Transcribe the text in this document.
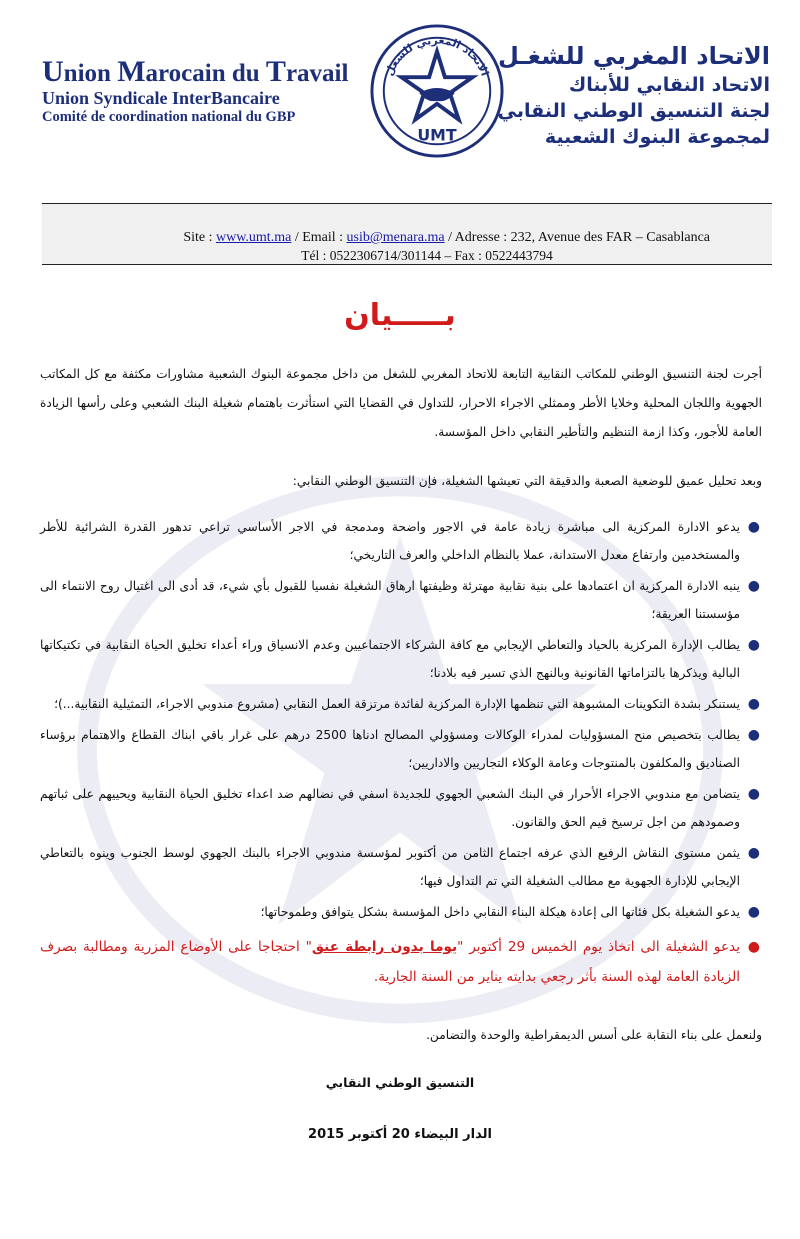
Union Marocain du Travail
Union Syndicale InterBancaire
Comité de coordination national du GBP
الاتحاد المغربي للشغل
UMT
الاتحاد المغربي للشغـل
الاتحاد النقابي للأبناك
لجنة التنسيق الوطني النقابي
لمجموعة البنوك الشعبية
Site : www.umt.ma / Email : usib@menara.ma / Adresse : 232, Avenue des FAR – Casablanca
Tél : 0522306714/301144 – Fax : 0522443794
بـــــيان
أجرت لجنة التنسيق الوطني للمكاتب النقابية التابعة للاتحاد المغربي للشغل من داخل مجموعة البنوك الشعبية مشاورات مكثفة مع كل المكاتب الجهوية واللجان المحلية وخلايا الأطر وممثلي الاجراء الاحرار، للتداول في القضايا التي استأثرت باهتمام شغيلة البنك الشعبي وعلى رأسها الزيادة العامة للأجور، وكذا ازمة التنظيم والتأطير النقابي داخل المؤسسة.
وبعد تحليل عميق للوضعية الصعبة والدقيقة التي تعيشها الشغيلة، فإن التنسيق الوطني النقابي:
●
يدعو الادارة المركزية الى مباشرة زيادة عامة في الاجور واضحة ومدمجة في الاجر الأساسي تراعي تدهور القدرة الشرائية للأطر والمستخدمين وارتفاع معدل الاستدانة، عملا بالنظام الداخلي والعرف التاريخي؛
●
ينبه الادارة المركزية ان اعتمادها على بنية نقابية مهترئة وظيفتها ارهاق الشغيلة نفسيا للقبول بأي شيء، قد أدى الى اغتيال روح الانتماء الى مؤسستنا العريقة؛
●
يطالب الإدارة المركزية بالحياد والتعاطي الإيجابي مع كافة الشركاء الاجتماعيين وعدم الانسياق وراء أعداء تخليق الحياة النقابية في تكتيكاتها البالية ويذكرها بالتزاماتها القانونية وبالنهج الذي تسير فيه بلادنا؛
●
يستنكر بشدة التكوينات المشبوهة التي تنظمها الإدارة المركزية لفائدة مرتزقة العمل النقابي (مشروع مندوبي الاجراء، التمثيلية النقابية...)؛
●
يطالب بتخصيص منح المسؤوليات لمدراء الوكالات ومسؤولي المصالح ادناها 2500 درهم على غرار باقي ابناك القطاع والاهتمام برؤساء الصناديق والمكلفون بالمنتوجات وعامة الوكلاء التجاريين والاداريين؛
●
يتضامن مع مندوبي الاجراء الأحرار في البنك الشعبي الجهوي للجديدة اسفي في نضالهم ضد اعداء تخليق الحياة النقابية ويحييهم على ثباتهم وصمودهم من اجل ترسيخ قيم الحق والقانون.
●
يثمن مستوى النقاش الرفيع الذي عرفه اجتماع الثامن من أكتوبر لمؤسسة مندوبي الاجراء بالبنك الجهوي لوسط الجنوب وينوه بالتعاطي الإيجابي للإدارة الجهوية مع مطالب الشغيلة التي تم التداول فيها؛
●
يدعو الشغيلة بكل فئاتها الى إعادة هيكلة البناء النقابي داخل المؤسسة بشكل يتوافق وطموحاتها؛
●
يدعو الشغيلة الى اتخاذ يوم الخميس 29 أكتوبر "يوما بدون رابطة عنق" احتجاجا على الأوضاع المزرية ومطالبة بصرف الزيادة العامة لهذه السنة بأثر رجعي بدايته يناير من السنة الجارية.
ولنعمل على بناء النقابة على أسس الديمقراطية والوحدة والتضامن.
التنسيق الوطني النقابي
الدار البيضاء 20 أكتوبر 2015
